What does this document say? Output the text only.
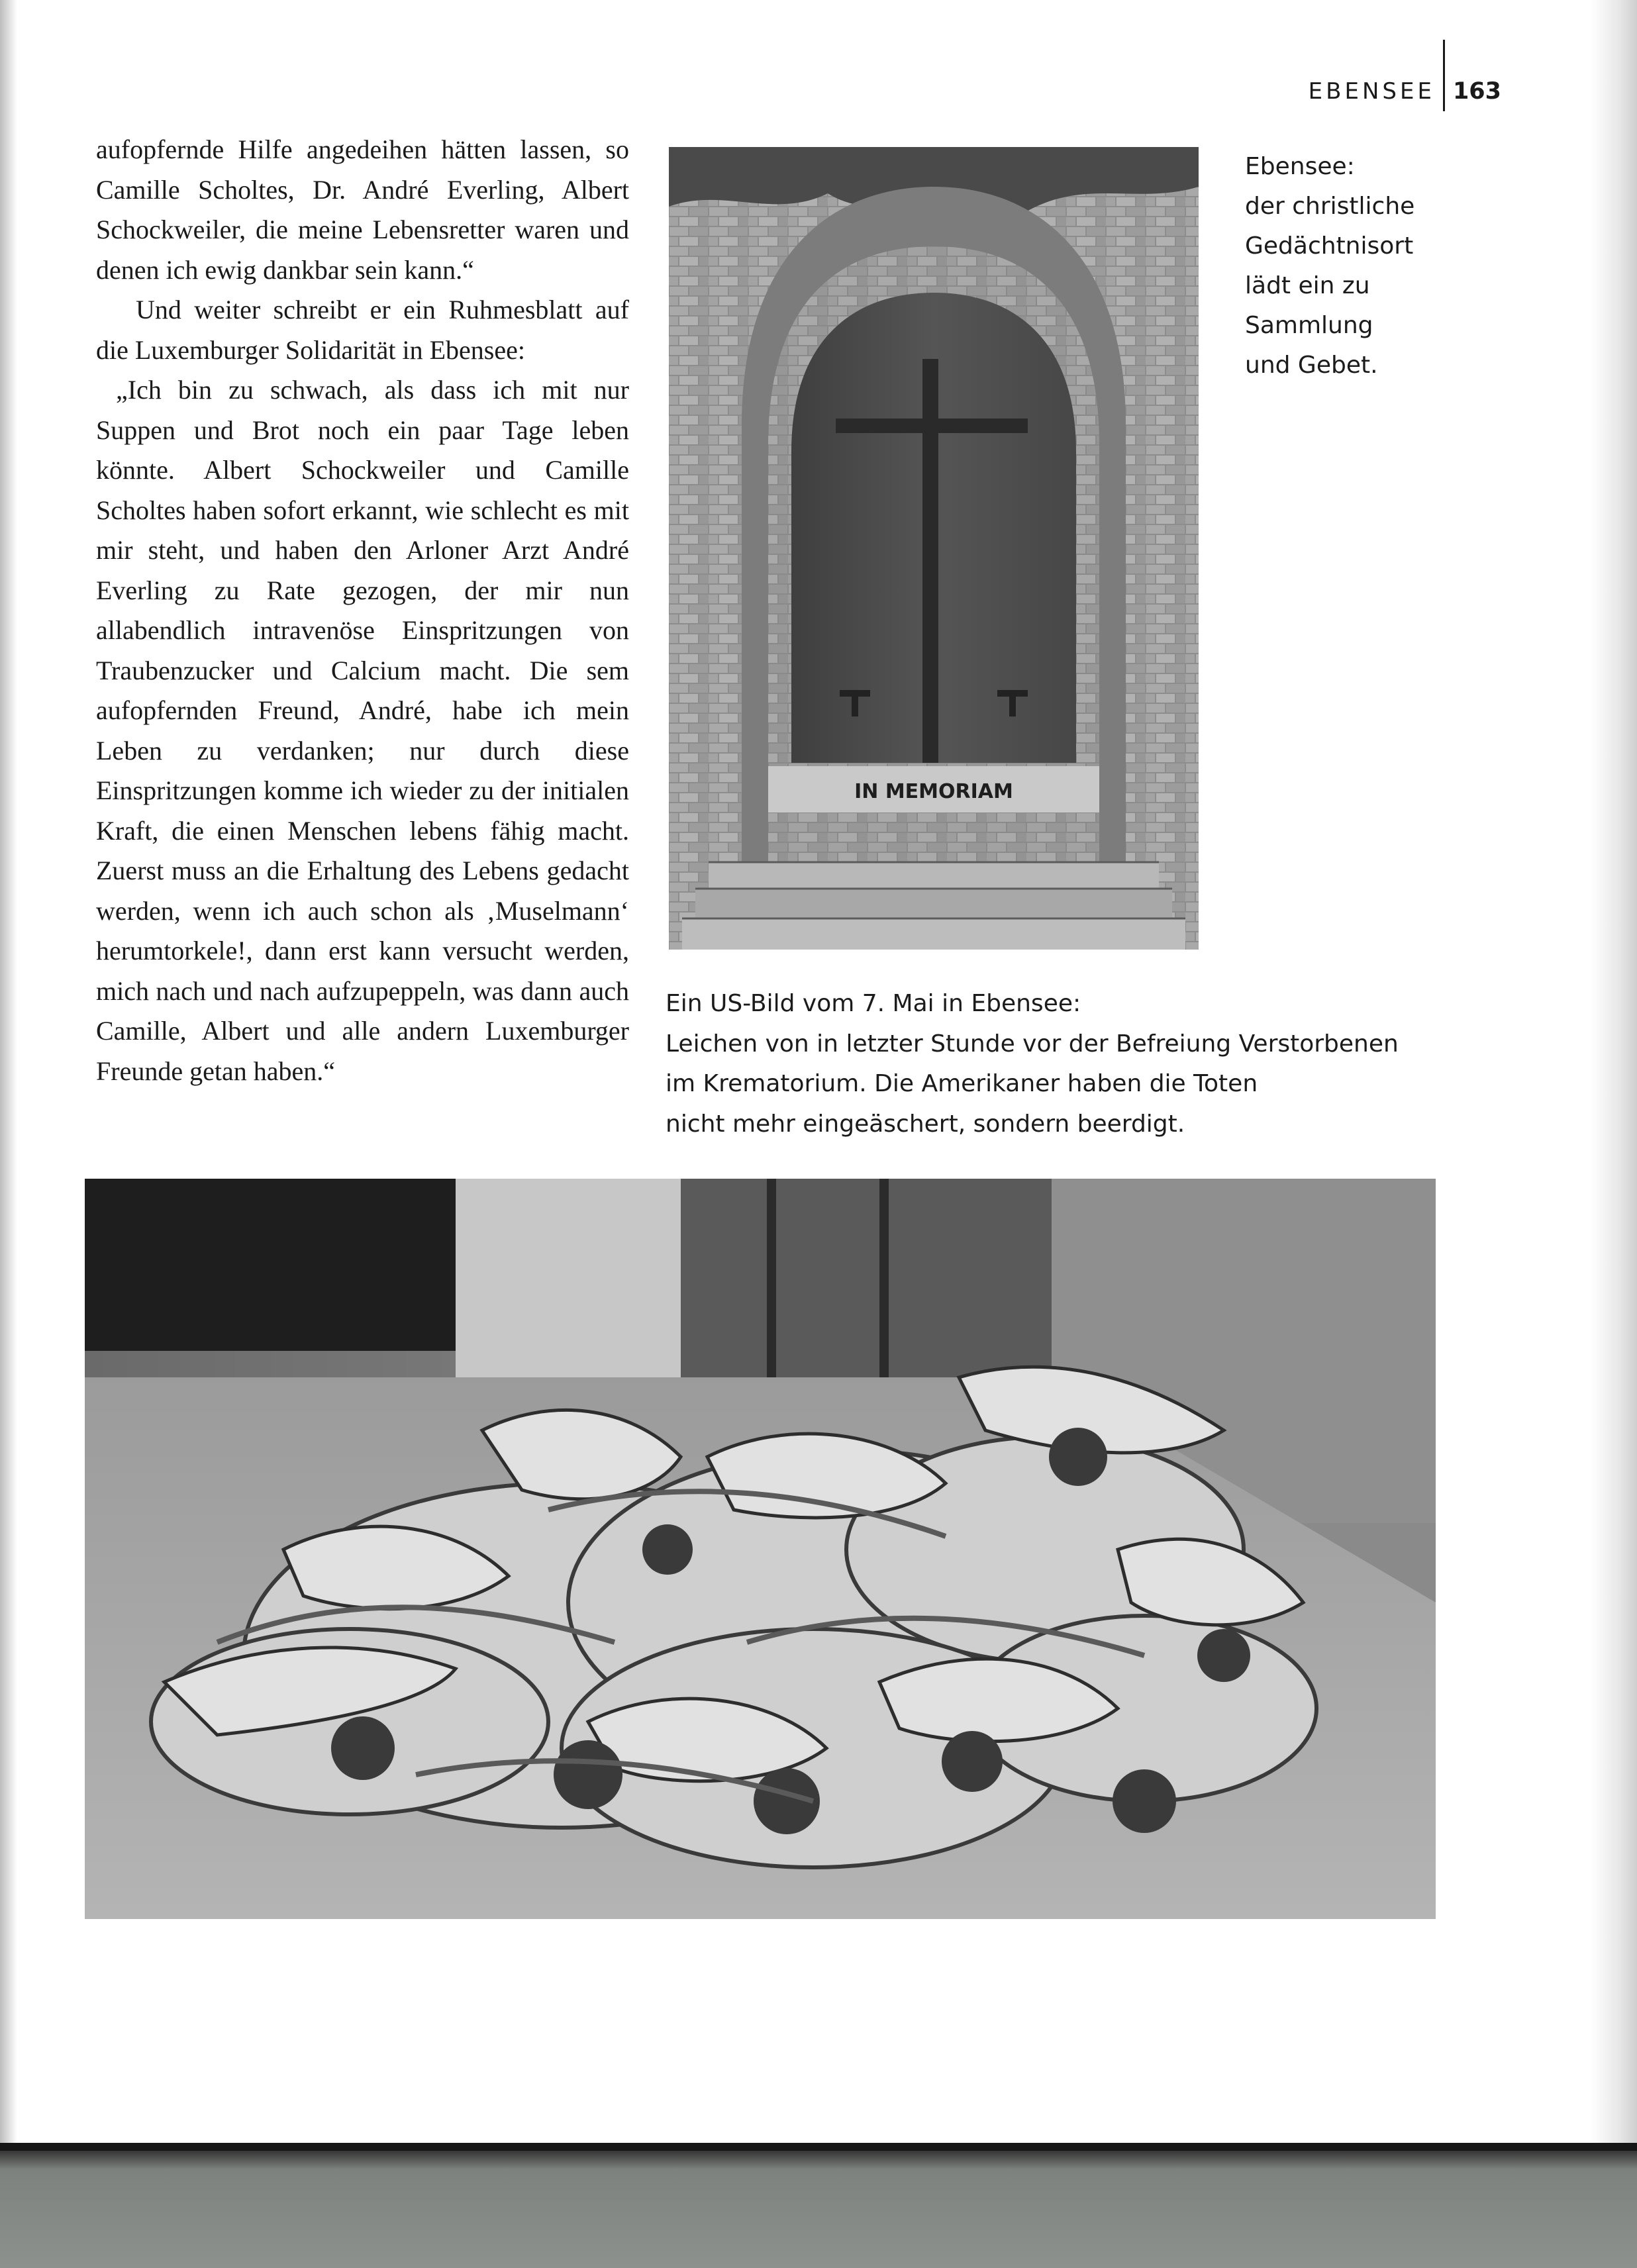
EBENSEE 163

aufopfernde Hilfe angedeihen hätten lassen, so Camille Scholtes, Dr. André Everling, Albert Schockweiler, die meine Lebensretter waren und denen ich ewig dankbar sein kann.“

Und weiter schreibt er ein Ruhmesblatt auf die Luxemburger Solidarität in Ebensee:

„Ich bin zu schwach, als dass ich mit nur Suppen und Brot noch ein paar Tage leben könnte. Albert Schockweiler und Camille Scholtes haben sofort erkannt, wie schlecht es mit mir steht, und haben den Arloner Arzt André Everling zu Rate gezogen, der mir nun allabendlich intravenöse Einspritzungen von Traubenzucker und Calcium macht. Die sem aufopfernden Freund, André, habe ich mein Leben zu verdanken; nur durch diese Einspritzungen komme ich wieder zu der initialen Kraft, die einen Menschen lebens fähig macht. Zuerst muss an die Erhaltung des Lebens gedacht werden, wenn ich auch schon als ‚Muselmann‘ herumtorkele!, dann erst kann versucht werden, mich nach und nach aufzupeppeln, was dann auch Camille, Albert und alle andern Luxemburger Freunde getan haben.“

IN MEMORIAM
Ebensee:
der christliche
Gedächtnisort
lädt ein zu
Sammlung
und Gebet.
Ein US-Bild vom 7. Mai in Ebensee:
Leichen von in letzter Stunde vor der Befreiung Verstorbenen
im Krematorium. Die Amerikaner haben die Toten
nicht mehr eingeäschert, sondern beerdigt.
